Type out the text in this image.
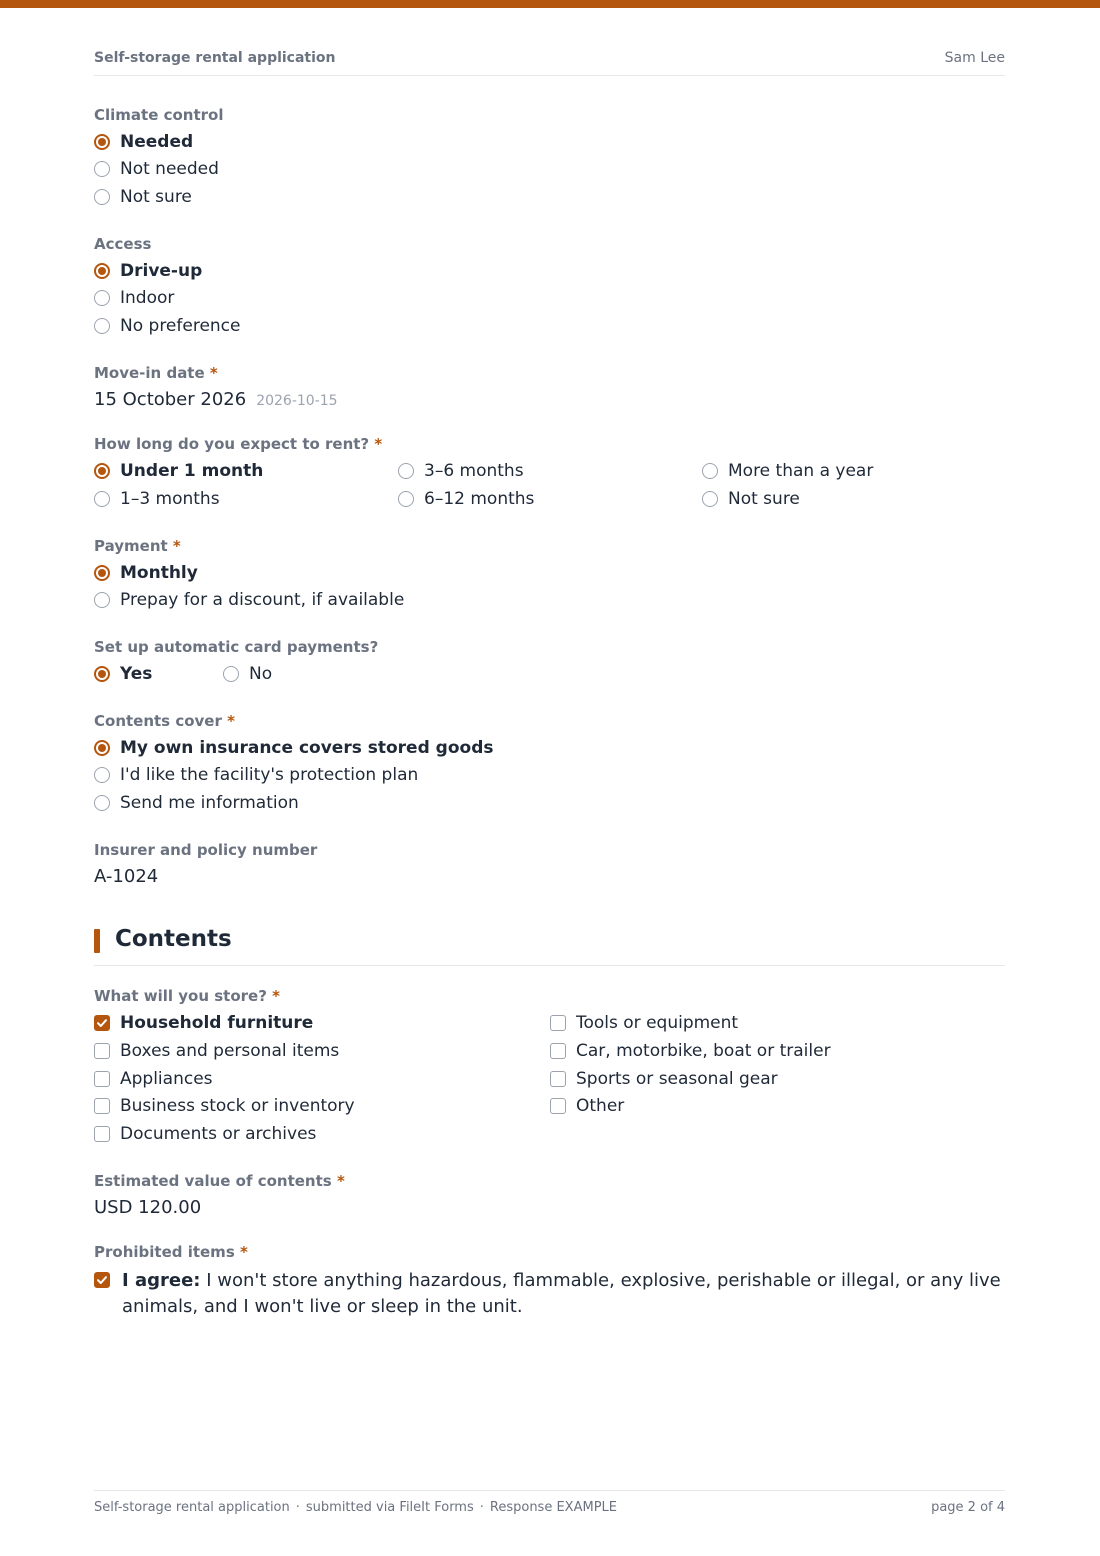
Self-storage rental application	Sam Lee
Climate control
Needed
Not needed
Not sure
Access
Drive-up
Indoor
No preference
Move-in date *
15 October 2026 2026-10-15
How long do you expect to rent? *
Under 1 month
1–3 months
3–6 months
6–12 months
More than a year
Not sure
Payment *
Monthly
Prepay for a discount, if available
Set up automatic card payments?
Yes	No
Contents cover *
My own insurance covers stored goods
I'd like the facility's protection plan
Send me information
Insurer and policy number
A-1024
Contents
What will you store? *
Household furniture
Boxes and personal items
Appliances
Business stock or inventory
Documents or archives
Tools or equipment
Car, motorbike, boat or trailer
Sports or seasonal gear
Other
Estimated value of contents *
USD 120.00
Prohibited items *
I agree: I won't store anything hazardous, flammable, explosive, perishable or illegal, or any live animals, and I won't live or sleep in the unit.
Self-storage rental application · submitted via FileIt Forms · Response EXAMPLE	page 2 of 4
